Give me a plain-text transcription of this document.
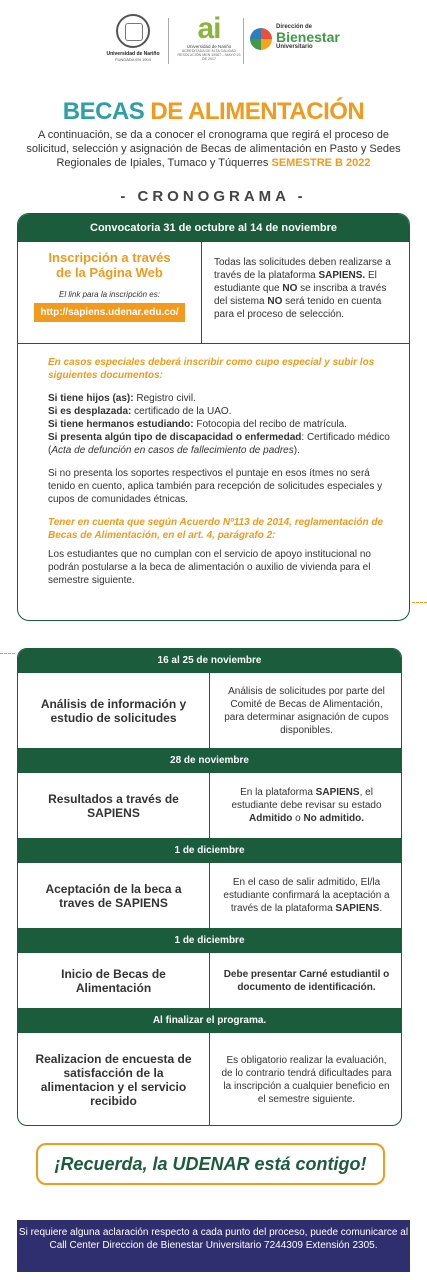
Universidad de Nariño
FUNDADA EN 1904
ai
Universidad de Nariño
ACREDITADA DE ALTA CALIDAD
RESOLUCIÓN MEN 10567 – MAYO 23 DE 2017
Dirección de
Bienestar
Universitario
BECAS DE ALIMENTACIÓN
A continuación, se da a conocer el cronograma que regirá el proceso de solicitud, selección y asignación de Becas de alimentación en Pasto y Sedes Regionales de Ipiales, Tumaco y Túquerres SEMESTRE B 2022
- CRONOGRAMA -
Convocatoria 31 de octubre al 14 de noviembre
Inscripción a través
de la Página Web
El link para la inscripción es:
http://sapiens.udenar.edu.co/
Todas las solicitudes deben realizarse a través de la plataforma SAPIENS. El estudiante que NO se inscriba a través del sistema NO será tenido en cuenta para el proceso de selección.

En casos especiales deberá inscribir como cupo especial y subir los siguientes documentos:

Si tiene hijos (as): Registro civil.
Si es desplazada: certificado de la UAO.
Si tiene hermanos estudiando: Fotocopia del recibo de matrícula.
Si presenta algún tipo de discapacidad o enfermedad: Certificado médico (Acta de defunción en casos de fallecimiento de padres).

Si no presenta los soportes respectivos el puntaje en esos ítmes no será tenido en cuento, aplica también para recepción de solicitudes especiales y cupos de comunidades étnicas.

Tener en cuenta que según Acuerdo Nº113 de 2014, reglamentación de Becas de Alimentación, en el art. 4, parágrafo 2:

Los estudiantes que no cumplan con el servicio de apoyo institucional no podrán postularse a la beca de alimentación o auxilio de vivienda para el semestre siguiente.

16 al 25 de noviembre
Análisis de información y estudio de solicitudes
Análisis de solicitudes por parte del Comité de Becas de Alimentación, para determinar asignación de cupos disponibles.
28 de noviembre
Resultados a través de SAPIENS
En la plataforma SAPIENS, el estudiante debe revisar su estado Admitido o No admitido.
1 de diciembre
Aceptación de la beca a traves de SAPIENS
En el caso de salir admitido, El/la estudiante confirmará la aceptación a través de la plataforma SAPIENS.
1 de diciembre
Inicio de Becas de Alimentación
Debe presentar Carné estudiantil o documento de identificación.
Al finalizar el programa.
Realizacion de encuesta de satisfacción de la alimentacion y el servicio recibido
Es obligatorio realizar la evaluación, de lo contrario tendrá dificultades para la inscripción a cualquier beneficio en el semestre siguiente.
¡Recuerda, la UDENAR está contigo!
Si requiere alguna aclaración respecto a cada punto del proceso, puede comunicarce al Call Center Direccion de Bienestar Universitario 7244309 Extensión 2305.
